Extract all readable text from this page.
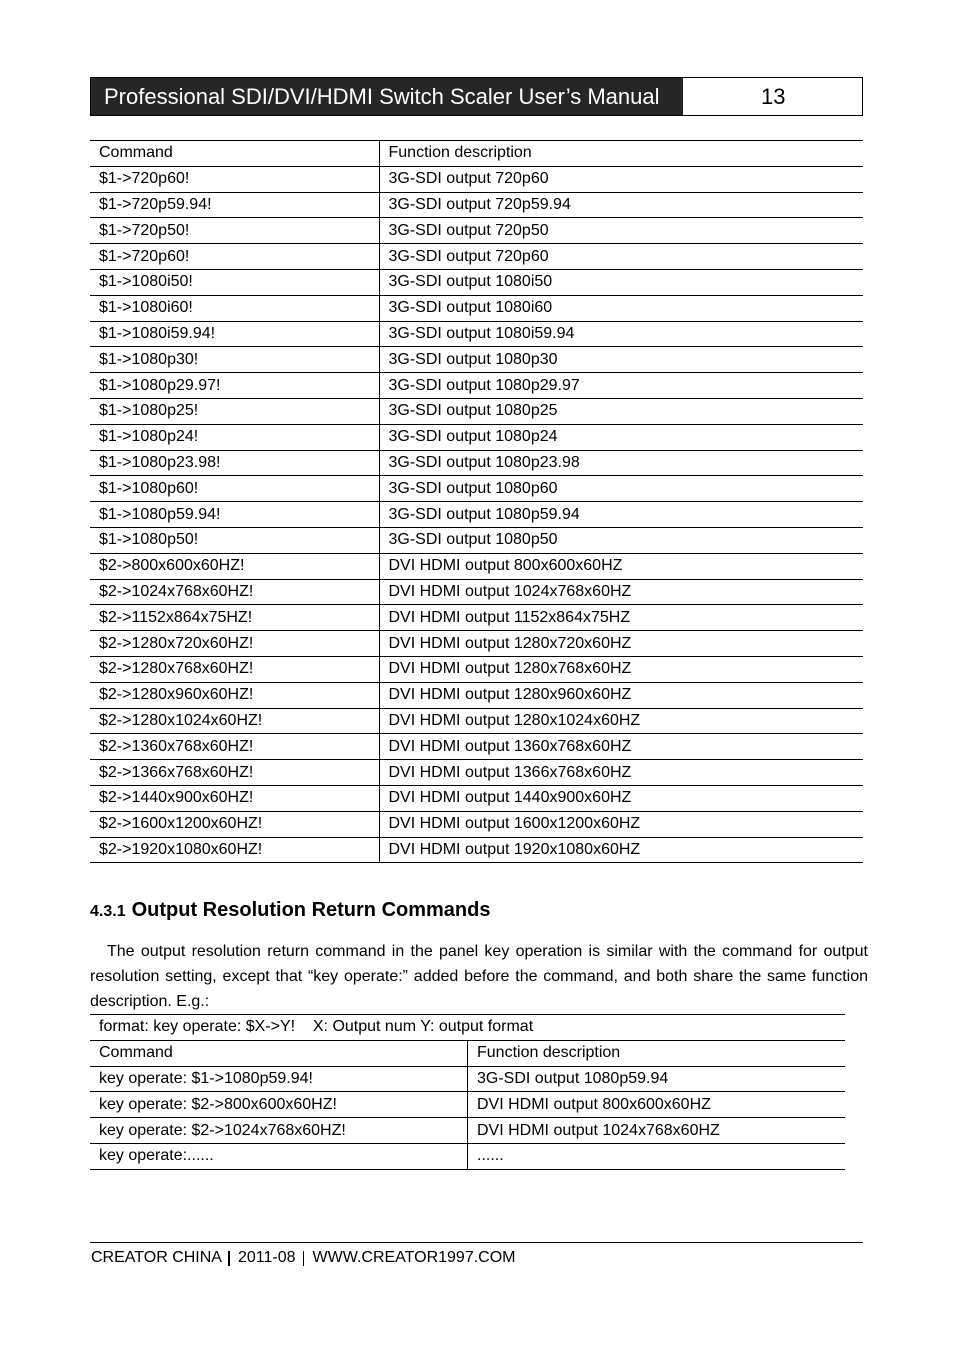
Professional SDI/DVI/HDMI Switch Scaler User’s Manual	13
Command	Function description
$1->720p60!	3G-SDI output 720p60
$1->720p59.94!	3G-SDI output 720p59.94
$1->720p50!	3G-SDI output 720p50
$1->720p60!	3G-SDI output 720p60
$1->1080i50!	3G-SDI output 1080i50
$1->1080i60!	3G-SDI output 1080i60
$1->1080i59.94!	3G-SDI output 1080i59.94
$1->1080p30!	3G-SDI output 1080p30
$1->1080p29.97!	3G-SDI output 1080p29.97
$1->1080p25!	3G-SDI output 1080p25
$1->1080p24!	3G-SDI output 1080p24
$1->1080p23.98!	3G-SDI output 1080p23.98
$1->1080p60!	3G-SDI output 1080p60
$1->1080p59.94!	3G-SDI output 1080p59.94
$1->1080p50!	3G-SDI output 1080p50
$2->800x600x60HZ!	DVI HDMI output 800x600x60HZ
$2->1024x768x60HZ!	DVI HDMI output 1024x768x60HZ
$2->1152x864x75HZ!	DVI HDMI output 1152x864x75HZ
$2->1280x720x60HZ!	DVI HDMI output 1280x720x60HZ
$2->1280x768x60HZ!	DVI HDMI output 1280x768x60HZ
$2->1280x960x60HZ!	DVI HDMI output 1280x960x60HZ
$2->1280x1024x60HZ!	DVI HDMI output 1280x1024x60HZ
$2->1360x768x60HZ!	DVI HDMI output 1360x768x60HZ
$2->1366x768x60HZ!	DVI HDMI output 1366x768x60HZ
$2->1440x900x60HZ!	DVI HDMI output 1440x900x60HZ
$2->1600x1200x60HZ!	DVI HDMI output 1600x1200x60HZ
$2->1920x1080x60HZ!	DVI HDMI output 1920x1080x60HZ
4.3.1 Output Resolution Return Commands

The output resolution return command in the panel key operation is similar with the command for output resolution setting, except that “key operate:” added before the command, and both share the same function description. E.g.:

format: key operate: $X->Y!    X: Output num Y: output format	
Command	Function description
key operate: $1->1080p59.94!	3G-SDI output 1080p59.94
key operate: $2->800x600x60HZ!	DVI HDMI output 800x600x60HZ
key operate: $2->1024x768x60HZ!	DVI HDMI output 1024x768x60HZ
key operate:......	......
CREATOR CHINA 2011-08 WWW.CREATOR1997.COM
